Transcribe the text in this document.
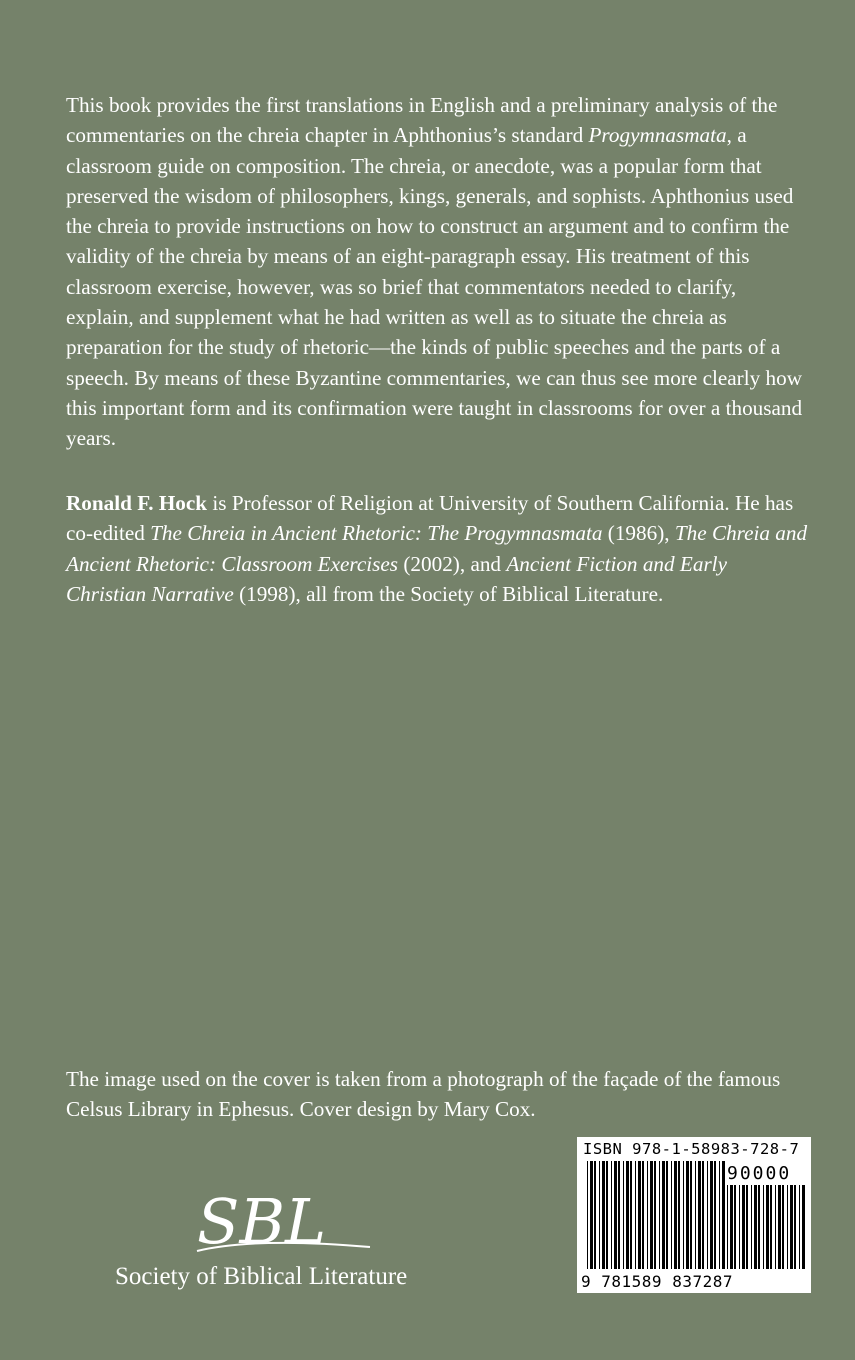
This book provides the first translations in English and a preliminary analysis of the commentaries on the chreia chapter in Aphthonius’s standard Progymnasmata, a classroom guide on composition. The chreia, or anecdote, was a popular form that preserved the wisdom of philosophers, kings, generals, and sophists. Aphthonius used the chreia to provide instructions on how to construct an argument and to confirm the validity of the chreia by means of an eight-paragraph essay. His treatment of this classroom exercise, however, was so brief that commentators needed to clarify, explain, and supplement what he had written as well as to situate the chreia as preparation for the study of rhetoric—the kinds of public speeches and the parts of a speech. By means of these Byzantine commentaries, we can thus see more clearly how this important form and its confirmation were taught in classrooms for over a thousand years.

Ronald F. Hock is Professor of Religion at University of Southern California. He has co-edited The Chreia in Ancient Rhetoric: The Progymnasmata (1986), The Chreia and Ancient Rhetoric: Classroom Exercises (2002), and Ancient Fiction and Early Christian Narrative (1998), all from the Society of Biblical Literature.

The image used on the cover is taken from a photograph of the façade of the famous Celsus Library in Ephesus. Cover design by Mary Cox.

SBL
Society of Biblical Literature
ISBN 978-1-58983-728-7
90000
9 781589 837287
